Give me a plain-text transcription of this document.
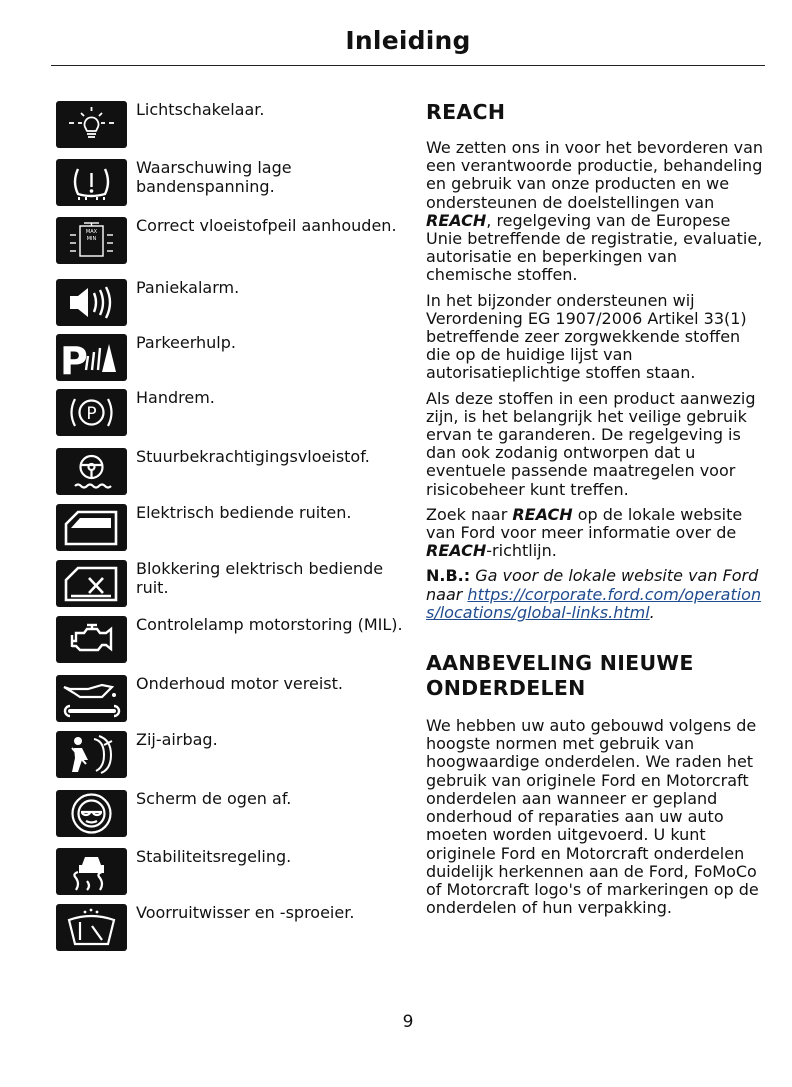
Inleiding
Lichtschakelaar.
Waarschuwing lage bandenspanning.
MAX
MIN
Correct vloeistofpeil aanhouden.
Paniekalarm.
P	Parkeerhulp.
P
Handrem.
Stuurbekrachtigingsvloeistof.
Elektrisch bediende ruiten.
Blokkering elektrisch bediende ruit.
Controlelamp motorstoring (MIL).
Onderhoud motor vereist.
Zij-airbag.
Scherm de ogen af.
Stabiliteitsregeling.
Voorruitwisser en -sproeier.
REACH

We zetten ons in voor het bevorderen van een verantwoorde productie, behandeling en gebruik van onze producten en we ondersteunen de doelstellingen van REACH, regelgeving van de Europese Unie betreffende de registratie, evaluatie, autorisatie en beperkingen van chemische stoffen.

In het bijzonder ondersteunen wij Verordening EG 1907/2006 Artikel 33(1) betreffende zeer zorgwekkende stoffen die op de huidige lijst van autorisatieplichtige stoffen staan.

Als deze stoffen in een product aanwezig zijn, is het belangrijk het veilige gebruik ervan te garanderen. De regelgeving is dan ook zodanig ontworpen dat u eventuele passende maatregelen voor risicobeheer kunt treffen.

Zoek naar REACH op de lokale website van Ford voor meer informatie over de REACH-richtlijn.

N.B.: Ga voor de lokale website van Ford naar https://corporate.ford.com/operations/locations/global-links.html.

AANBEVELING NIEUWE ONDERDELEN

We hebben uw auto gebouwd volgens de hoogste normen met gebruik van hoogwaardige onderdelen. We raden het gebruik van originele Ford en Motorcraft onderdelen aan wanneer er gepland onderhoud of reparaties aan uw auto moeten worden uitgevoerd. U kunt originele Ford en Motorcraft onderdelen duidelijk herkennen aan de Ford, FoMoCo of Motorcraft logo's of markeringen op de onderdelen of hun verpakking.

9
